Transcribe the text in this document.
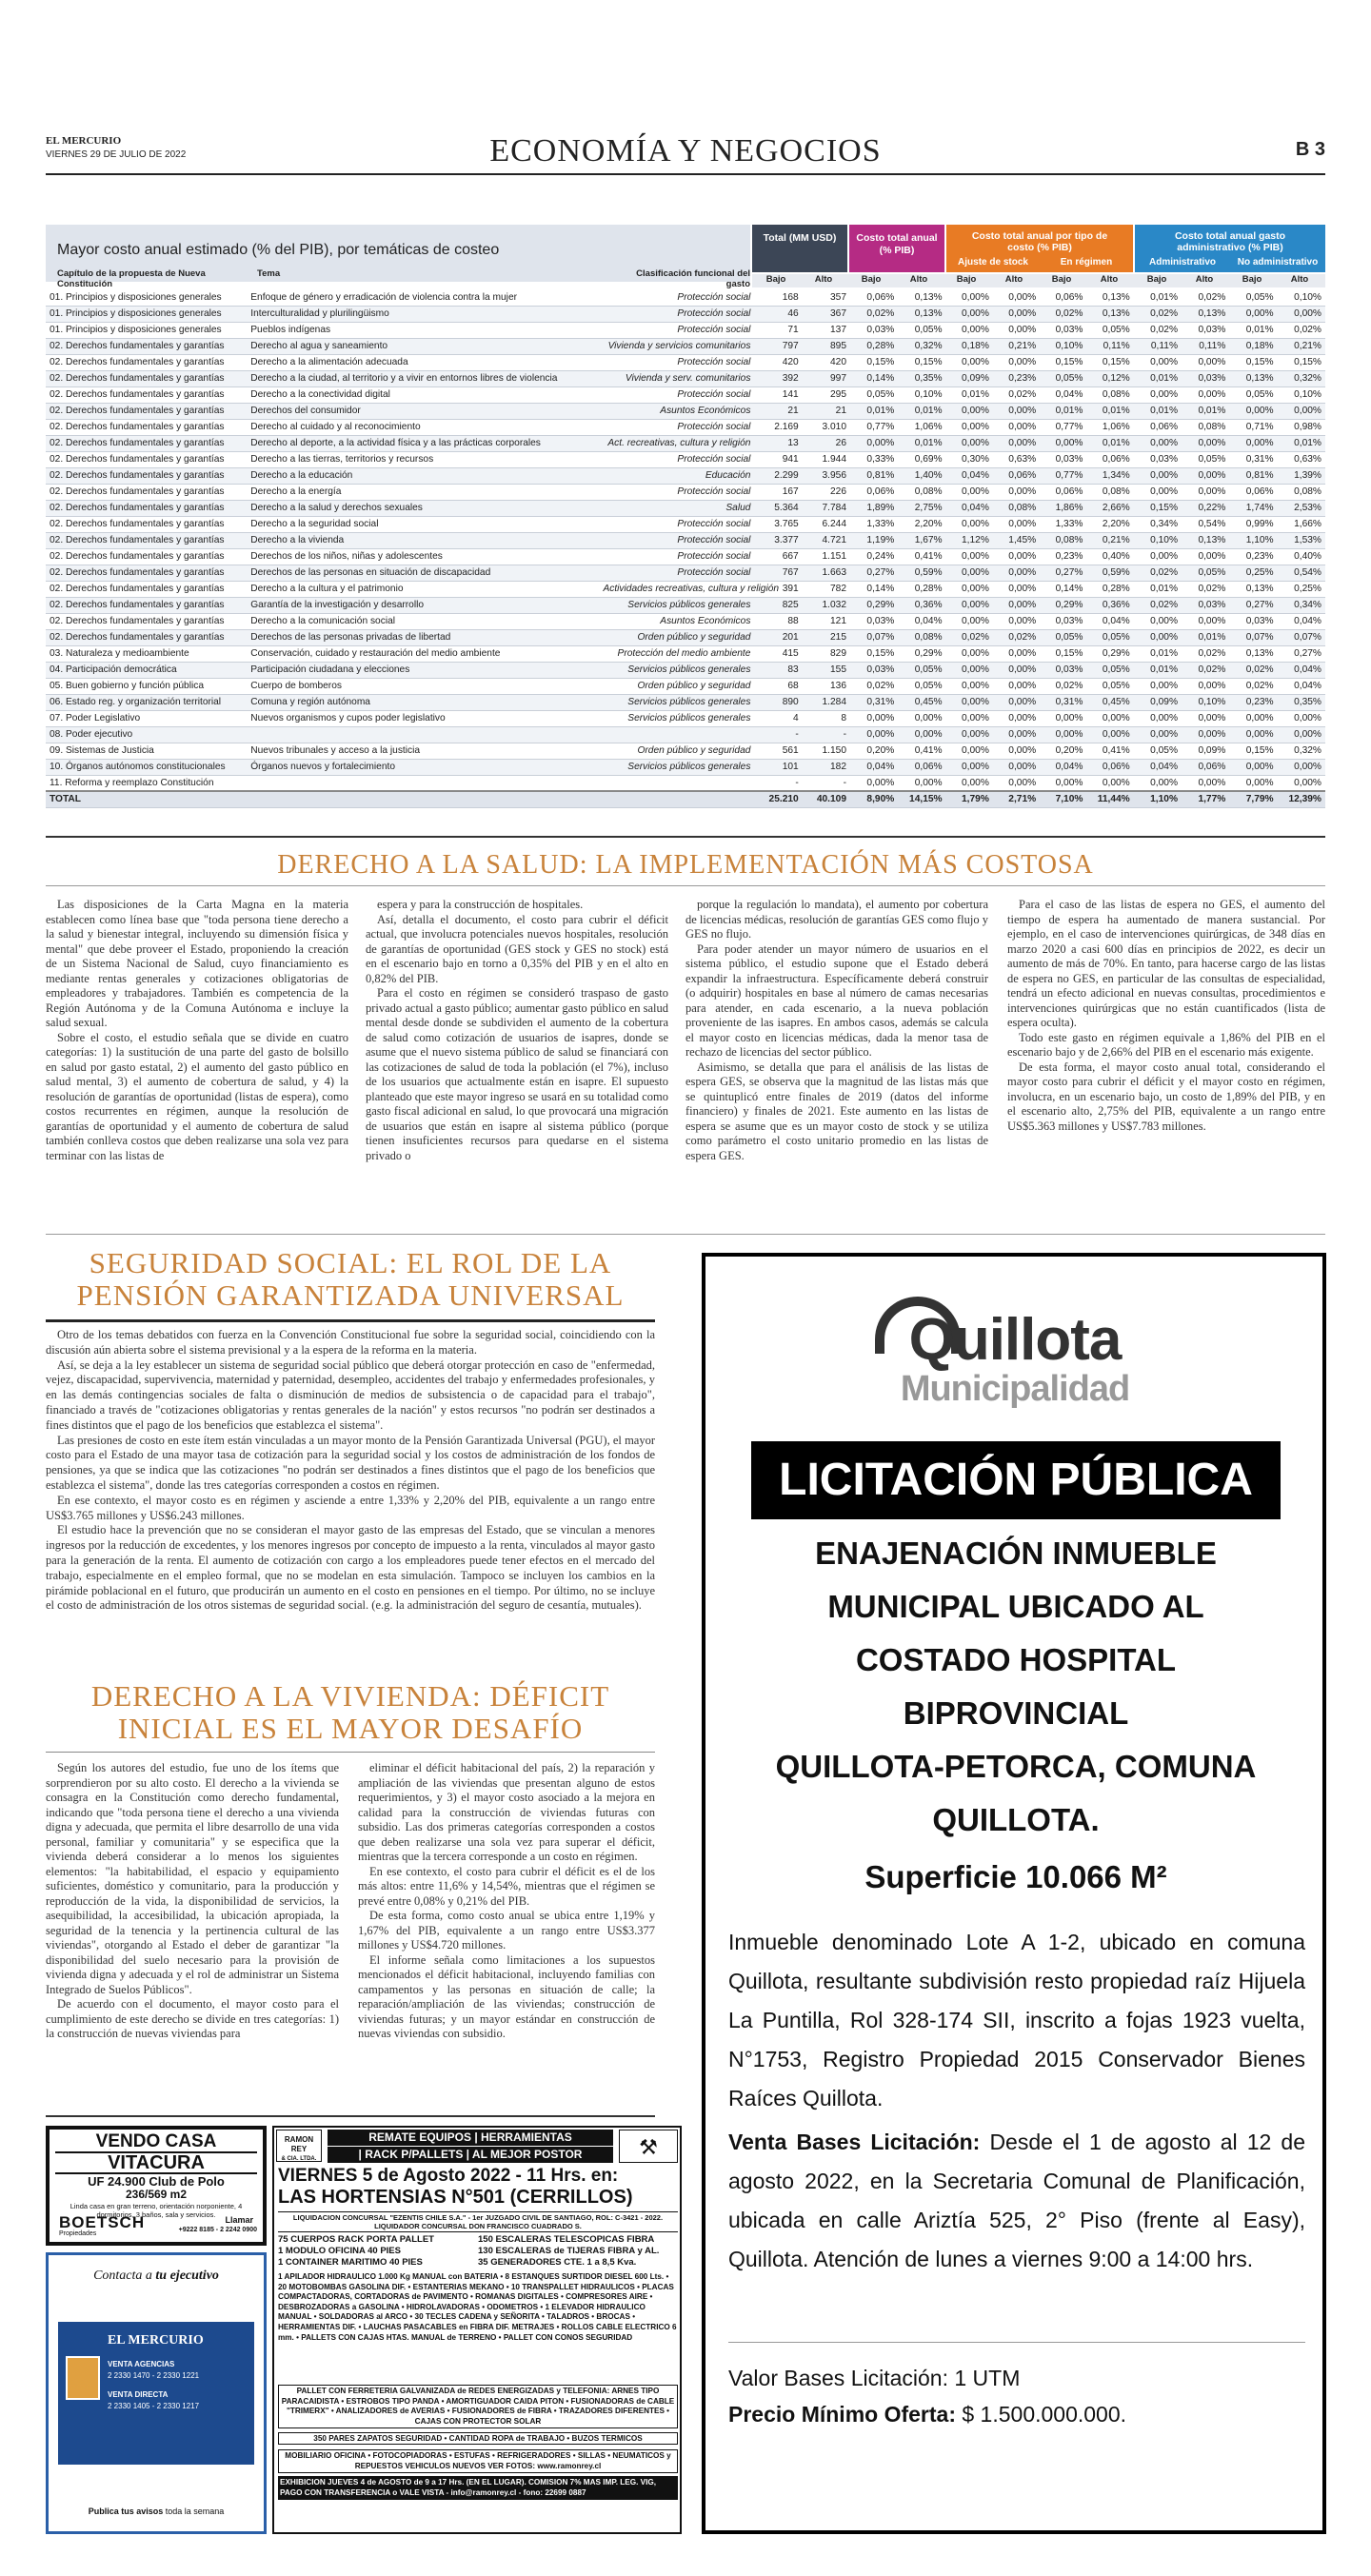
EL MERCURIO
VIERNES 29 DE JULIO DE 2022	ECONOMÍA Y NEGOCIOS	B 3
Mayor costo anual estimado (% del PIB), por temáticas de costeo
Capítulo de la propuesta de Nueva Constitución
Tema	Clasificación funcional del gasto
Total (MM USD)	Costo total anual (% PIB)
Costo total anual por tipo de costo (% PIB)
Ajuste de stock	En régimen
Costo total anual gasto administrativo (% PIB)
Administrativo	No administrativo
Bajo	Alto	Bajo	Alto	Bajo	Alto	Bajo	Alto	Bajo	Alto	Bajo	Alto
01. Principios y disposiciones generales	Enfoque de género y erradicación de violencia contra la mujer	Protección social	168	357	0,06%	0,13%	0,00%	0,00%	0,06%	0,13%	0,01%	0,02%	0,05%	0,10%
01. Principios y disposiciones generales	Interculturalidad y plurilingüismo	Protección social	46	367	0,02%	0,13%	0,00%	0,00%	0,02%	0,13%	0,02%	0,13%	0,00%	0,00%
01. Principios y disposiciones generales	Pueblos indígenas	Protección social	71	137	0,03%	0,05%	0,00%	0,00%	0,03%	0,05%	0,02%	0,03%	0,01%	0,02%
02. Derechos fundamentales y garantías	Derecho al agua y saneamiento	Vivienda y servicios comunitarios	797	895	0,28%	0,32%	0,18%	0,21%	0,10%	0,11%	0,11%	0,11%	0,18%	0,21%
02. Derechos fundamentales y garantías	Derecho a la alimentación adecuada	Protección social	420	420	0,15%	0,15%	0,00%	0,00%	0,15%	0,15%	0,00%	0,00%	0,15%	0,15%
02. Derechos fundamentales y garantías	Derecho a la ciudad, al territorio y a vivir en entornos libres de violencia	Vivienda y serv. comunitarios	392	997	0,14%	0,35%	0,09%	0,23%	0,05%	0,12%	0,01%	0,03%	0,13%	0,32%
02. Derechos fundamentales y garantías	Derecho a la conectividad digital	Protección social	141	295	0,05%	0,10%	0,01%	0,02%	0,04%	0,08%	0,00%	0,00%	0,05%	0,10%
02. Derechos fundamentales y garantías	Derechos del consumidor	Asuntos Económicos	21	21	0,01%	0,01%	0,00%	0,00%	0,01%	0,01%	0,01%	0,01%	0,00%	0,00%
02. Derechos fundamentales y garantías	Derecho al cuidado y al reconocimiento	Protección social	2.169	3.010	0,77%	1,06%	0,00%	0,00%	0,77%	1,06%	0,06%	0,08%	0,71%	0,98%
02. Derechos fundamentales y garantías	Derecho al deporte, a la actividad física y a las prácticas corporales	Act. recreativas, cultura y religión	13	26	0,00%	0,01%	0,00%	0,00%	0,00%	0,01%	0,00%	0,00%	0,00%	0,01%
02. Derechos fundamentales y garantías	Derecho a las tierras, territorios y recursos	Protección social	941	1.944	0,33%	0,69%	0,30%	0,63%	0,03%	0,06%	0,03%	0,05%	0,31%	0,63%
02. Derechos fundamentales y garantías	Derecho a la educación	Educación	2.299	3.956	0,81%	1,40%	0,04%	0,06%	0,77%	1,34%	0,00%	0,00%	0,81%	1,39%
02. Derechos fundamentales y garantías	Derecho a la energía	Protección social	167	226	0,06%	0,08%	0,00%	0,00%	0,06%	0,08%	0,00%	0,00%	0,06%	0,08%
02. Derechos fundamentales y garantías	Derecho a la salud y derechos sexuales	Salud	5.364	7.784	1,89%	2,75%	0,04%	0,08%	1,86%	2,66%	0,15%	0,22%	1,74%	2,53%
02. Derechos fundamentales y garantías	Derecho a la seguridad social	Protección social	3.765	6.244	1,33%	2,20%	0,00%	0,00%	1,33%	2,20%	0,34%	0,54%	0,99%	1,66%
02. Derechos fundamentales y garantías	Derecho a la vivienda	Protección social	3.377	4.721	1,19%	1,67%	1,12%	1,45%	0,08%	0,21%	0,10%	0,13%	1,10%	1,53%
02. Derechos fundamentales y garantías	Derechos de los niños, niñas y adolescentes	Protección social	667	1.151	0,24%	0,41%	0,00%	0,00%	0,23%	0,40%	0,00%	0,00%	0,23%	0,40%
02. Derechos fundamentales y garantías	Derechos de las personas en situación de discapacidad	Protección social	767	1.663	0,27%	0,59%	0,00%	0,00%	0,27%	0,59%	0,02%	0,05%	0,25%	0,54%
02. Derechos fundamentales y garantías	Derecho a la cultura y el patrimonio	Actividades recreativas, cultura y religión	391	782	0,14%	0,28%	0,00%	0,00%	0,14%	0,28%	0,01%	0,02%	0,13%	0,25%
02. Derechos fundamentales y garantías	Garantía de la investigación y desarrollo	Servicios públicos generales	825	1.032	0,29%	0,36%	0,00%	0,00%	0,29%	0,36%	0,02%	0,03%	0,27%	0,34%
02. Derechos fundamentales y garantías	Derecho a la comunicación social	Asuntos Económicos	88	121	0,03%	0,04%	0,00%	0,00%	0,03%	0,04%	0,00%	0,00%	0,03%	0,04%
02. Derechos fundamentales y garantías	Derechos de las personas privadas de libertad	Orden público y seguridad	201	215	0,07%	0,08%	0,02%	0,02%	0,05%	0,05%	0,00%	0,01%	0,07%	0,07%
03. Naturaleza y medioambiente	Conservación, cuidado y restauración del medio ambiente	Protección del medio ambiente	415	829	0,15%	0,29%	0,00%	0,00%	0,15%	0,29%	0,01%	0,02%	0,13%	0,27%
04. Participación democrática	Participación ciudadana y elecciones	Servicios públicos generales	83	155	0,03%	0,05%	0,00%	0,00%	0,03%	0,05%	0,01%	0,02%	0,02%	0,04%
05. Buen gobierno y función pública	Cuerpo de bomberos	Orden público y seguridad	68	136	0,02%	0,05%	0,00%	0,00%	0,02%	0,05%	0,00%	0,00%	0,02%	0,04%
06. Estado reg. y organización territorial	Comuna y región autónoma	Servicios públicos generales	890	1.284	0,31%	0,45%	0,00%	0,00%	0,31%	0,45%	0,09%	0,10%	0,23%	0,35%
07. Poder Legislativo	Nuevos organismos y cupos poder legislativo	Servicios públicos generales	4	8	0,00%	0,00%	0,00%	0,00%	0,00%	0,00%	0,00%	0,00%	0,00%	0,00%
08. Poder ejecutivo			-	-	0,00%	0,00%	0,00%	0,00%	0,00%	0,00%	0,00%	0,00%	0,00%	0,00%
09. Sistemas de Justicia	Nuevos tribunales y acceso a la justicia	Orden público y seguridad	561	1.150	0,20%	0,41%	0,00%	0,00%	0,20%	0,41%	0,05%	0,09%	0,15%	0,32%
10. Órganos autónomos constitucionales	Órganos nuevos y fortalecimiento	Servicios públicos generales	101	182	0,04%	0,06%	0,00%	0,00%	0,04%	0,06%	0,04%	0,06%	0,00%	0,00%
11. Reforma y reemplazo Constitución			-	-	0,00%	0,00%	0,00%	0,00%	0,00%	0,00%	0,00%	0,00%	0,00%	0,00%
TOTAL			25.210	40.109	8,90%	14,15%	1,79%	2,71%	7,10%	11,44%	1,10%	1,77%	7,79%	12,39%
DERECHO A LA SALUD: LA IMPLEMENTACIÓN MÁS COSTOSA

Las disposiciones de la Carta Magna en la materia establecen como línea base que "toda persona tiene derecho a la salud y bienestar integral, incluyendo su dimensión física y mental" que debe proveer el Estado, proponiendo la creación de un Sistema Nacional de Salud, cuyo financiamiento es mediante rentas generales y cotizaciones obligatorias de empleadores y trabajadores. También es competencia de la Región Autónoma y de la Comuna Autónoma e incluye la salud sexual.

Sobre el costo, el estudio señala que se divide en cuatro categorías: 1) la sustitución de una parte del gasto de bolsillo en salud por gasto estatal, 2) el aumento del gasto público en salud mental, 3) el aumento de cobertura de salud, y 4) la resolución de garantías de oportunidad (listas de espera), como costos recurrentes en régimen, aunque la resolución de garantías de oportunidad y el aumento de cobertura de salud también conlleva costos que deben realizarse una sola vez para terminar con las listas de

espera y para la construcción de hospitales.

Así, detalla el documento, el costo para cubrir el déficit actual, que involucra potenciales nuevos hospitales, resolución de garantías de oportunidad (GES stock y GES no stock) está en el escenario bajo en torno a 0,35% del PIB y en el alto en 0,82% del PIB.

Para el costo en régimen se consideró traspaso de gasto privado actual a gasto público; aumentar gasto público en salud mental desde donde se subdividen el aumento de la cobertura de salud como cotización de usuarios de isapres, donde se asume que el nuevo sistema público de salud se financiará con las cotizaciones de salud de toda la población (el 7%), incluso de los usuarios que actualmente están en isapre. El supuesto planteado que este mayor ingreso se usará en su totalidad como gasto fiscal adicional en salud, lo que provocará una migración de usuarios que están en isapre al sistema público (porque tienen insuficientes recursos para quedarse en el sistema privado o

porque la regulación lo mandata), el aumento por cobertura de licencias médicas, resolución de garantías GES como flujo y GES no flujo.

Para poder atender un mayor número de usuarios en el sistema público, el estudio supone que el Estado deberá expandir la infraestructura. Específicamente deberá construir (o adquirir) hospitales en base al número de camas necesarias para atender, en cada escenario, a la nueva población proveniente de las isapres. En ambos casos, además se calcula el mayor costo en licencias médicas, dada la menor tasa de rechazo de licencias del sector público.

Asimismo, se detalla que para el análisis de las listas de espera GES, se observa que la magnitud de las listas más que se quintuplicó entre finales de 2019 (datos del informe financiero) y finales de 2021. Este aumento en las listas de espera se asume que es un mayor costo de stock y se utiliza como parámetro el costo unitario promedio en las listas de espera GES.

Para el caso de las listas de espera no GES, el aumento del tiempo de espera ha aumentado de manera sustancial. Por ejemplo, en el caso de intervenciones quirúrgicas, de 348 días en marzo 2020 a casi 600 días en principios de 2022, es decir un aumento de más de 70%. En tanto, para hacerse cargo de las listas de espera no GES, en particular de las consultas de especialidad, tendrá un efecto adicional en nuevas consultas, procedimientos e intervenciones quirúrgicas que no están cuantificados (lista de espera oculta).

Todo este gasto en régimen equivale a 1,86% del PIB en el escenario bajo y de 2,66% del PIB en el escenario más exigente.

De esta forma, el mayor costo anual total, considerando el mayor costo para cubrir el déficit y el mayor costo en régimen, involucra, en un escenario bajo, un costo de 1,89% del PIB, y en el escenario alto, 2,75% del PIB, equivalente a un rango entre US$5.363 millones y US$7.783 millones.

SEGURIDAD SOCIAL: EL ROL DE LA
PENSIÓN GARANTIZADA UNIVERSAL

Otro de los temas debatidos con fuerza en la Convención Constitucional fue sobre la seguridad social, coincidiendo con la discusión aún abierta sobre el sistema previsional y a la espera de la reforma en la materia.

Así, se deja a la ley establecer un sistema de seguridad social público que deberá otorgar protección en caso de "enfermedad, vejez, discapacidad, supervivencia, maternidad y paternidad, desempleo, accidentes del trabajo y enfermedades profesionales, y en las demás contingencias sociales de falta o disminución de medios de subsistencia o de capacidad para el trabajo", financiado a través de "cotizaciones obligatorias y rentas generales de la nación" y estos recursos "no podrán ser destinados a fines distintos que el pago de los beneficios que establezca el sistema".

Las presiones de costo en este ítem están vinculadas a un mayor monto de la Pensión Garantizada Universal (PGU), el mayor costo para el Estado de una mayor tasa de cotización para la seguridad social y los costos de administración de los fondos de pensiones, ya que se indica que las cotizaciones "no podrán ser destinados a fines distintos que el pago de los beneficios que establezca el sistema", donde las tres categorías corresponden a costos en régimen.

En ese contexto, el mayor costo es en régimen y asciende a entre 1,33% y 2,20% del PIB, equivalente a un rango entre US$3.765 millones y US$6.243 millones.

El estudio hace la prevención que no se consideran el mayor gasto de las empresas del Estado, que se vinculan a menores ingresos por la reducción de excedentes, y los menores ingresos por concepto de impuesto a la renta, vinculados al mayor gasto para la generación de la renta. El aumento de cotización con cargo a los empleadores puede tener efectos en el mercado del trabajo, especialmente en el empleo formal, que no se modelan en esta simulación. Tampoco se incluyen los cambios en la pirámide poblacional en el futuro, que producirán un aumento en el costo en pensiones en el tiempo. Por último, no se incluye el costo de administración de los otros sistemas de seguridad social. (e.g. la administración del seguro de cesantía, mutuales).

DERECHO A LA VIVIENDA: DÉFICIT
INICIAL ES EL MAYOR DESAFÍO

Según los autores del estudio, fue uno de los ítems que sorprendieron por su alto costo. El derecho a la vivienda se consagra en la Constitución como derecho fundamental, indicando que "toda persona tiene el derecho a una vivienda digna y adecuada, que permita el libre desarrollo de una vida personal, familiar y comunitaria" y se especifica que la vivienda deberá considerar a lo menos los siguientes elementos: "la habitabilidad, el espacio y equipamiento suficientes, doméstico y comunitario, para la producción y reproducción de la vida, la disponibilidad de servicios, la asequibilidad, la accesibilidad, la ubicación apropiada, la seguridad de la tenencia y la pertinencia cultural de las viviendas", otorgando al Estado el deber de garantizar "la disponibilidad del suelo necesario para la provisión de vivienda digna y adecuada y el rol de administrar un Sistema Integrado de Suelos Públicos".

De acuerdo con el documento, el mayor costo para el cumplimiento de este derecho se divide en tres categorías: 1) la construcción de nuevas viviendas para

eliminar el déficit habitacional del país, 2) la reparación y ampliación de las viviendas que presentan alguno de estos requerimientos, y 3) el mayor costo asociado a la mejora en calidad para la construcción de viviendas futuras con subsidio. Las dos primeras categorías corresponden a costos que deben realizarse una sola vez para superar el déficit, mientras que la tercera corresponde a un costo en régimen.

En ese contexto, el costo para cubrir el déficit es el de los más altos: entre 11,6% y 14,54%, mientras que el régimen se prevé entre 0,08% y 0,21% del PIB.

De esta forma, como costo anual se ubica entre 1,19% y 1,67% del PIB, equivalente a un rango entre US$3.377 millones y US$4.720 millones.

El informe señala como limitaciones a los supuestos mencionados el déficit habitacional, incluyendo familias con campamentos y las personas en situación de calle; la reparación/ampliación de las viviendas; construcción de viviendas futuras; y un mayor estándar en construcción de nuevas viviendas con subsidio.

Quillota
Municipalidad
LICITACIÓN PÚBLICA
ENAJENACIÓN INMUEBLE
MUNICIPAL UBICADO AL
COSTADO HOSPITAL
BIPROVINCIAL
QUILLOTA-PETORCA, COMUNA
QUILLOTA.
Superficie 10.066 M²
Inmueble denominado Lote A 1-2, ubicado en comuna Quillota, resultante subdivisión resto propiedad raíz Hijuela La Puntilla, Rol 328-174 SII, inscrito a fojas 1923 vuelta, N°1753, Registro Propiedad 2015 Conservador Bienes Raíces Quillota.
Venta Bases Licitación: Desde el 1 de agosto al 12 de agosto 2022, en la Secretaria Comunal de Planificación, ubicada en calle Ariztía 525, 2° Piso (frente al Easy), Quillota. Atención de lunes a viernes 9:00 a 14:00 hrs.
Valor Bases Licitación: 1 UTM
Precio Mínimo Oferta: $ 1.500.000.000.
VENDO CASA
VITACURA
UF 24.900 Club de Polo
236/569 m2
Linda casa en gran terreno, orientación norponiente, 4 dormitorios, 3 baños, sala y servicios.
BOETSCH
Propiedades
Llamar
+9222 8185 - 2 2242 0900
Contacta a tu ejecutivo
EL MERCURIO
VENTA AGENCIAS
2 2330 1470 - 2 2330 1221
VENTA DIRECTA
2 2330 1405 - 2 2330 1217
Publica tus avisos toda la semana
RAMON REY
& CIA. LTDA.
REMATE EQUIPOS | HERRAMIENTAS
| RACK P/PALLETS | AL MEJOR POSTOR	⚒
VIERNES 5 de Agosto 2022 - 11 Hrs. en:
LAS HORTENSIAS N°501 (CERRILLOS)
LIQUIDACION CONCURSAL "EZENTIS CHILE S.A." - 1er JUZGADO CIVIL DE SANTIAGO, ROL: C-3421 - 2022. LIQUIDADOR CONCURSAL DON FRANCISCO CUADRADO S.
75 CUERPOS RACK PORTA PALLET
1 MODULO OFICINA 40 PIES
1 CONTAINER MARITIMO 40 PIES
150 ESCALERAS TELESCOPICAS FIBRA
130 ESCALERAS de TIJERAS FIBRA y AL.
35 GENERADORES CTE. 1 a 8,5 Kva.
1 APILADOR HIDRAULICO 1.000 Kg MANUAL con BATERIA • 8 ESTANQUES SURTIDOR DIESEL 600 Lts. • 20 MOTOBOMBAS GASOLINA DIF. • ESTANTERIAS MEKANO • 10 TRANSPALLET HIDRAULICOS • PLACAS COMPACTADORAS, CORTADORAS de PAVIMENTO • ROMANAS DIGITALES • COMPRESORES AIRE • DESBROZADORAS a GASOLINA • HIDROLAVADORAS • ODOMETROS • 1 ELEVADOR HIDRAULICO MANUAL • SOLDADORAS al ARCO • 30 TECLES CADENA y SEÑORITA • TALADROS • BROCAS • HERRAMIENTAS DIF. • LAUCHAS PASACABLES en FIBRA DIF. METRAJES • ROLLOS CABLE ELECTRICO 6 mm. • PALLETS CON CAJAS HTAS. MANUAL de TERRENO • PALLET CON CONOS SEGURIDAD
PALLET CON FERRETERIA GALVANIZADA de REDES ENERGIZADAS y TELEFONIA: ARNES TIPO PARACAIDISTA • ESTROBOS TIPO PANDA • AMORTIGUADOR CAIDA PITON • FUSIONADORAS de CABLE "TRIMERX" • ANALIZADORES de AVERIAS • FUSIONADORES de FIBRA • TRAZADORES DIFERENTES • CAJAS CON PROTECTOR SOLAR
350 PARES ZAPATOS SEGURIDAD • CANTIDAD ROPA de TRABAJO • BUZOS TERMICOS
MOBILIARIO OFICINA • FOTOCOPIADORAS • ESTUFAS • REFRIGERADORES • SILLAS • NEUMATICOS y REPUESTOS VEHICULOS NUEVOS VER FOTOS: www.ramonrey.cl
EXHIBICION JUEVES 4 de AGOSTO de 9 a 17 Hrs. (EN EL LUGAR). COMISION 7% MAS IMP. LEG. VIG, PAGO CON TRANSFERENCIA o VALE VISTA - info@ramonrey.cl - fono: 22699 0887
